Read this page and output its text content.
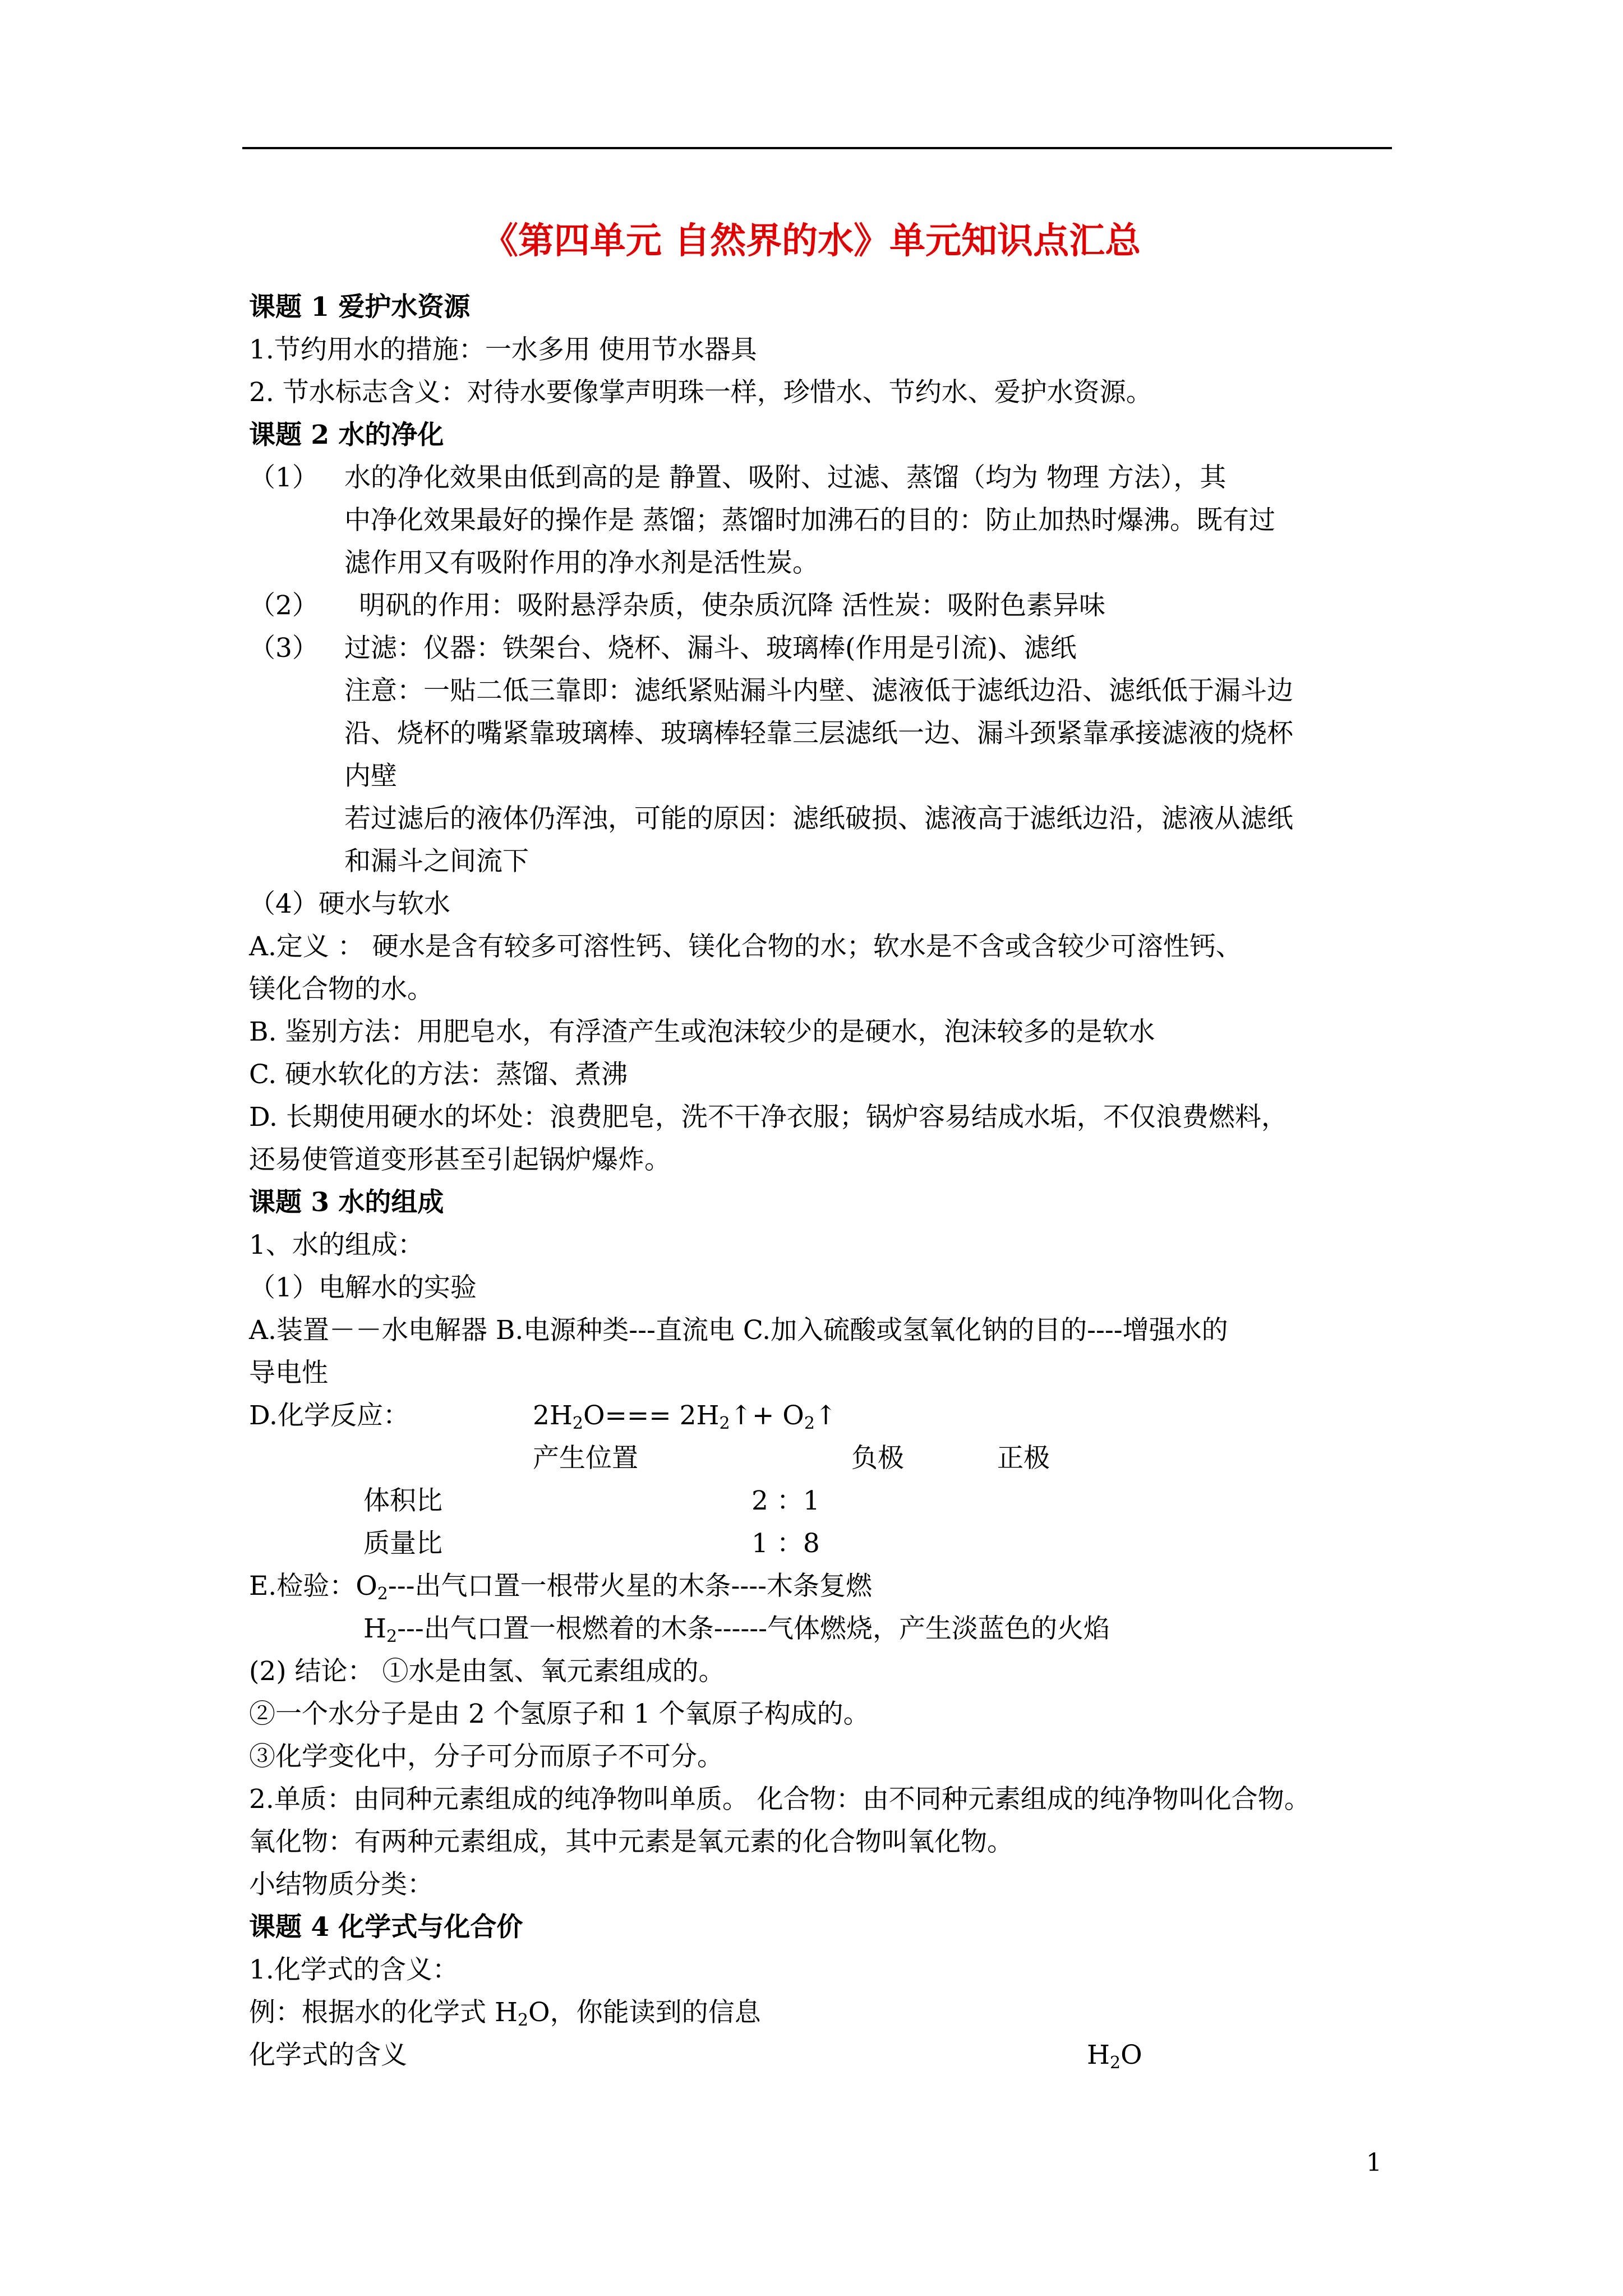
《第四单元 自然界的水》单元知识点汇总
课题 1 爱护水资源
1.节约用水的措施：一水多用 使用节水器具
2. 节水标志含义：对待水要像掌声明珠一样，珍惜水、节约水、爱护水资源。
课题 2 水的净化
（1） 水的净化效果由低到高的是 静置、吸附、过滤、蒸馏（均为 物理 方法），其
中净化效果最好的操作是 蒸馏；蒸馏时加沸石的目的：防止加热时爆沸。既有过
滤作用又有吸附作用的净水剂是活性炭。
（2） 明矾的作用：吸附悬浮杂质，使杂质沉降 活性炭：吸附色素异味
（3） 过滤：仪器：铁架台、烧杯、漏斗、玻璃棒(作用是引流)、滤纸
注意：一贴二低三靠即：滤纸紧贴漏斗内壁、滤液低于滤纸边沿、滤纸低于漏斗边
沿、烧杯的嘴紧靠玻璃棒、玻璃棒轻靠三层滤纸一边、漏斗颈紧靠承接滤液的烧杯
内壁
若过滤后的液体仍浑浊，可能的原因：滤纸破损、滤液高于滤纸边沿，滤液从滤纸
和漏斗之间流下
（4）硬水与软水
A.定义 ： 硬水是含有较多可溶性钙、镁化合物的水；软水是不含或含较少可溶性钙、
镁化合物的水。
B. 鉴别方法：用肥皂水，有浮渣产生或泡沫较少的是硬水，泡沫较多的是软水
C. 硬水软化的方法：蒸馏、煮沸
D. 长期使用硬水的坏处：浪费肥皂，洗不干净衣服；锅炉容易结成水垢，不仅浪费燃料，
还易使管道变形甚至引起锅炉爆炸。
课题 3 水的组成
1、水的组成：
（1）电解水的实验
A.装置－－水电解器 B.电源种类---直流电 C.加入硫酸或氢氧化钠的目的----增强水的
导电性
D.化学反应：
产生位置	负极	正极
体积比	2 ：1
质量比	1 ：8
(2) 结论： ①水是由氢、氧元素组成的。
②一个水分子是由 2 个氢原子和 1 个氧原子构成的。
③化学变化中，分子可分而原子不可分。
2.单质：由同种元素组成的纯净物叫单质。 化合物：由不同种元素组成的纯净物叫化合物。
氧化物：有两种元素组成，其中元素是氧元素的化合物叫氧化物。
小结物质分类：
课题 4 化学式与化合价
1.化学式的含义：
化学式的含义
$2H_2O===$ $2H_2↑+$ $O_2↑$
E.检验：$O_2---$出气口置一根带火星的木条----木条复燃
$H_2---$出气口置一根燃着的木条------气体燃烧，产生淡蓝色的火焰
例：根据水的化学式 $H_2O$，你能读到的信息
$H_2O$
1
